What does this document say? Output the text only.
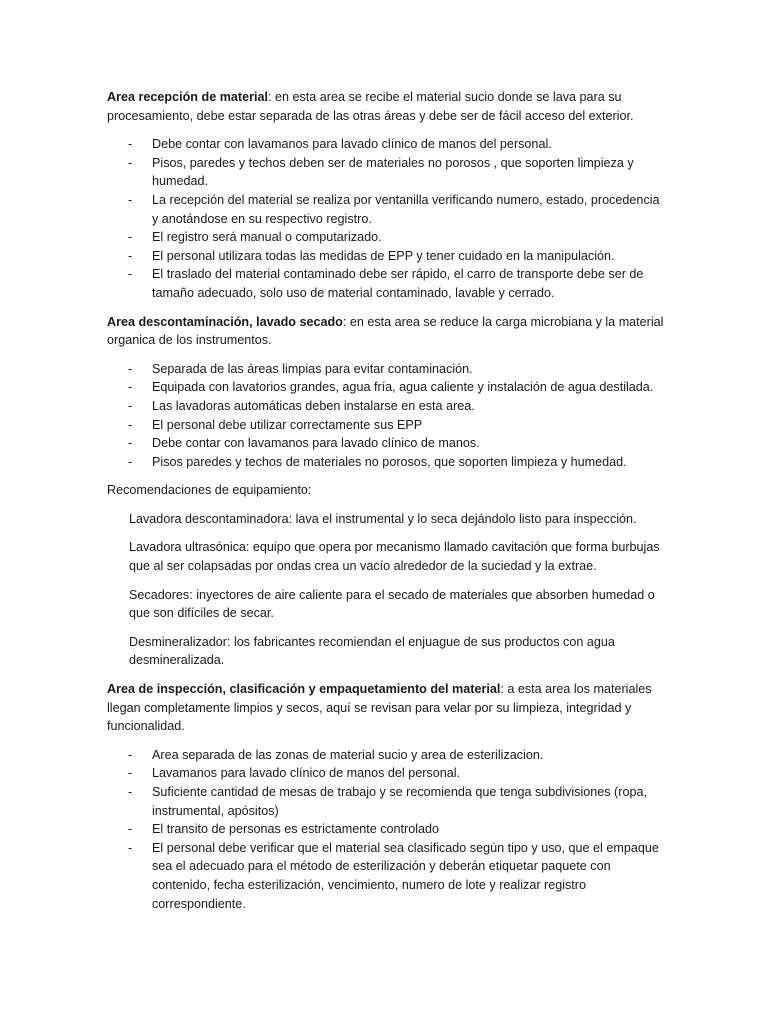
Area recepción de material: en esta area se recibe el material sucio donde se lava para su procesamiento, debe estar separada de las otras áreas y debe ser de fácil acceso del exterior.

- Debe contar con lavamanos para lavado clínico de manos del personal.
- Pisos, paredes y techos deben ser de materiales no porosos , que soporten limpieza y humedad.
- La recepción del material se realiza por ventanilla verificando numero, estado, procedencia y anotándose en su respectivo registro.
- El registro será manual o computarizado.
- El personal utilizara todas las medidas de EPP y tener cuidado en la manipulación.
- El traslado del material contaminado debe ser rápido, el carro de transporte debe ser de tamaño adecuado, solo uso de material contaminado, lavable y cerrado.

Area descontaminación, lavado secado: en esta area se reduce la carga microbiana y la material organica de los instrumentos.

- Separada de las áreas limpias para evitar contaminación.
- Equipada con lavatorios grandes, agua fría, agua caliente y instalación de agua destilada.
- Las lavadoras automáticas deben instalarse en esta area.
- El personal debe utilizar correctamente sus EPP
- Debe contar con lavamanos para lavado clínico de manos.
- Pisos paredes y techos de materiales no porosos, que soporten limpieza y humedad.

Recomendaciones de equipamiento:

Lavadora descontaminadora: lava el instrumental y lo seca dejándolo listo para inspección.

Lavadora ultrasónica: equipo que opera por mecanismo llamado cavitación que forma burbujas que al ser colapsadas por ondas crea un vacío alrededor de la suciedad y la extrae.

Secadores: inyectores de aire caliente para el secado de materiales que absorben humedad o que son difíciles de secar.

Desmineralizador: los fabricantes recomiendan el enjuague de sus productos con agua desmineralizada.

Area de inspección, clasificación y empaquetamiento del material: a esta area los materiales llegan completamente limpios y secos, aquí se revisan para velar por su limpieza, integridad y funcionalidad.

- Area separada de las zonas de material sucio y area de esterilizacion.
- Lavamanos para lavado clínico de manos del personal.
- Suficiente cantidad de mesas de trabajo y se recomienda que tenga subdivisiones (ropa, instrumental, apósitos)
- El transito de personas es estrictamente controlado
- El personal debe verificar que el material sea clasificado según tipo y uso, que el empaque sea el adecuado para el método de esterilización y deberán etiquetar paquete con contenido, fecha esterilización, vencimiento, numero de lote y realizar registro correspondiente.
